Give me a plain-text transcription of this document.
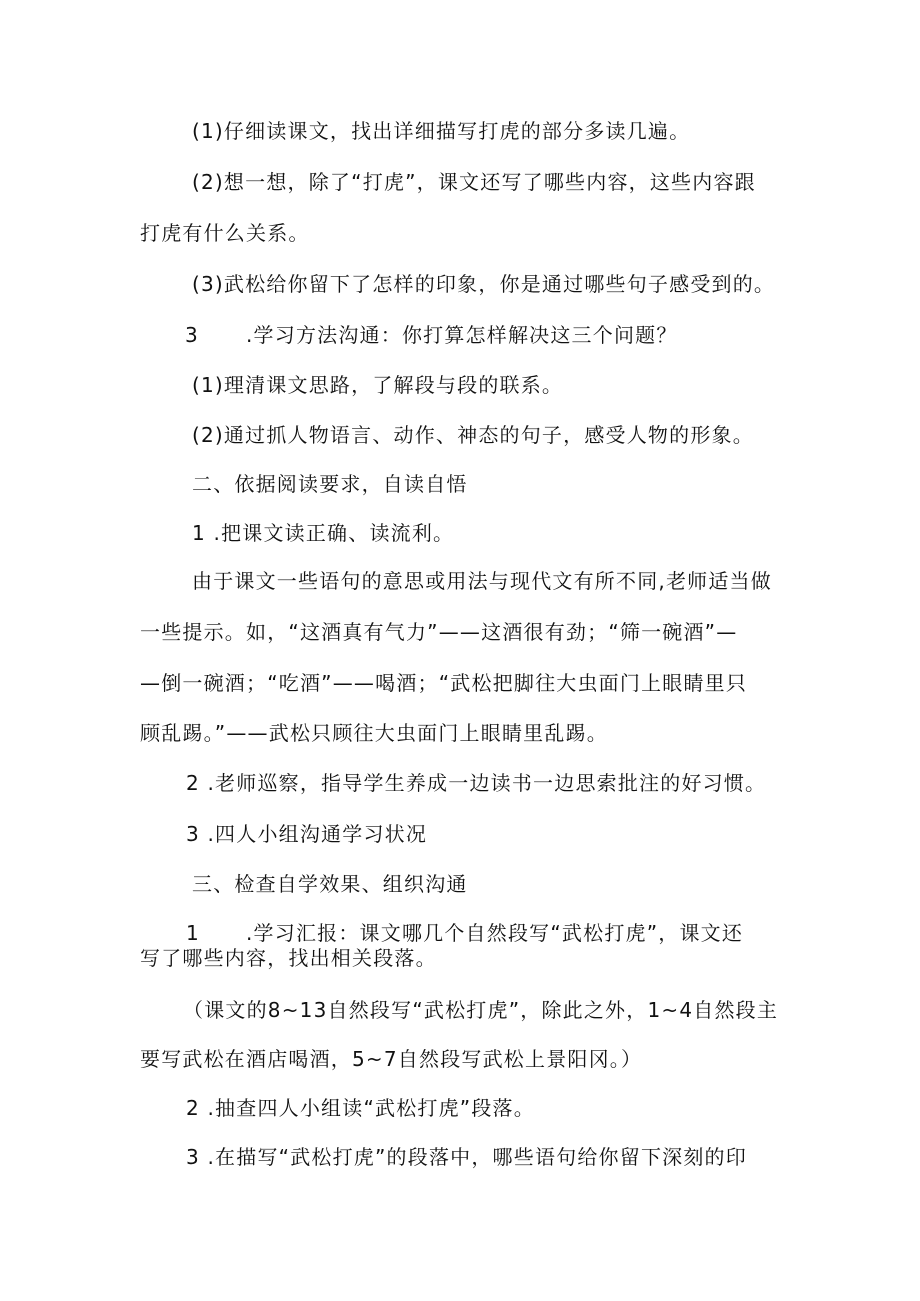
(1)仔细读课文，找出详细描写打虎的部分多读几遍。
(2)想一想，除了“打虎”，课文还写了哪些内容，这些内容跟
打虎有什么关系。
(3)武松给你留下了怎样的印象，你是通过哪些句子感受到的。
3 .学习方法沟通：你打算怎样解决这三个问题？
(1)理清课文思路，了解段与段的联系。
(2)通过抓人物语言、动作、神态的句子，感受人物的形象。
二、依据阅读要求，自读自悟
1 .把课文读正确、读流利。
由于课文一些语句的意思或用法与现代文有所不同,老师适当做
一些提示。如，“这酒真有气力”——这酒很有劲；“筛一碗酒”—
—倒一碗酒；“吃酒”——喝酒；“武松把脚往大虫面门上眼睛里只
顾乱踢。”——武松只顾往大虫面门上眼睛里乱踢。
2 .老师巡察，指导学生养成一边读书一边思索批注的好习惯。
3 .四人小组沟通学习状况
三、检查自学效果、组织沟通
1 .学习汇报：课文哪几个自然段写“武松打虎”，课文还
写了哪些内容，找出相关段落。
（课文的8~13自然段写“武松打虎”，除此之外，1~4自然段主
要写武松在酒店喝酒，5~7自然段写武松上景阳冈。）
2 .抽查四人小组读“武松打虎”段落。
3 .在描写“武松打虎”的段落中，哪些语句给你留下深刻的印
